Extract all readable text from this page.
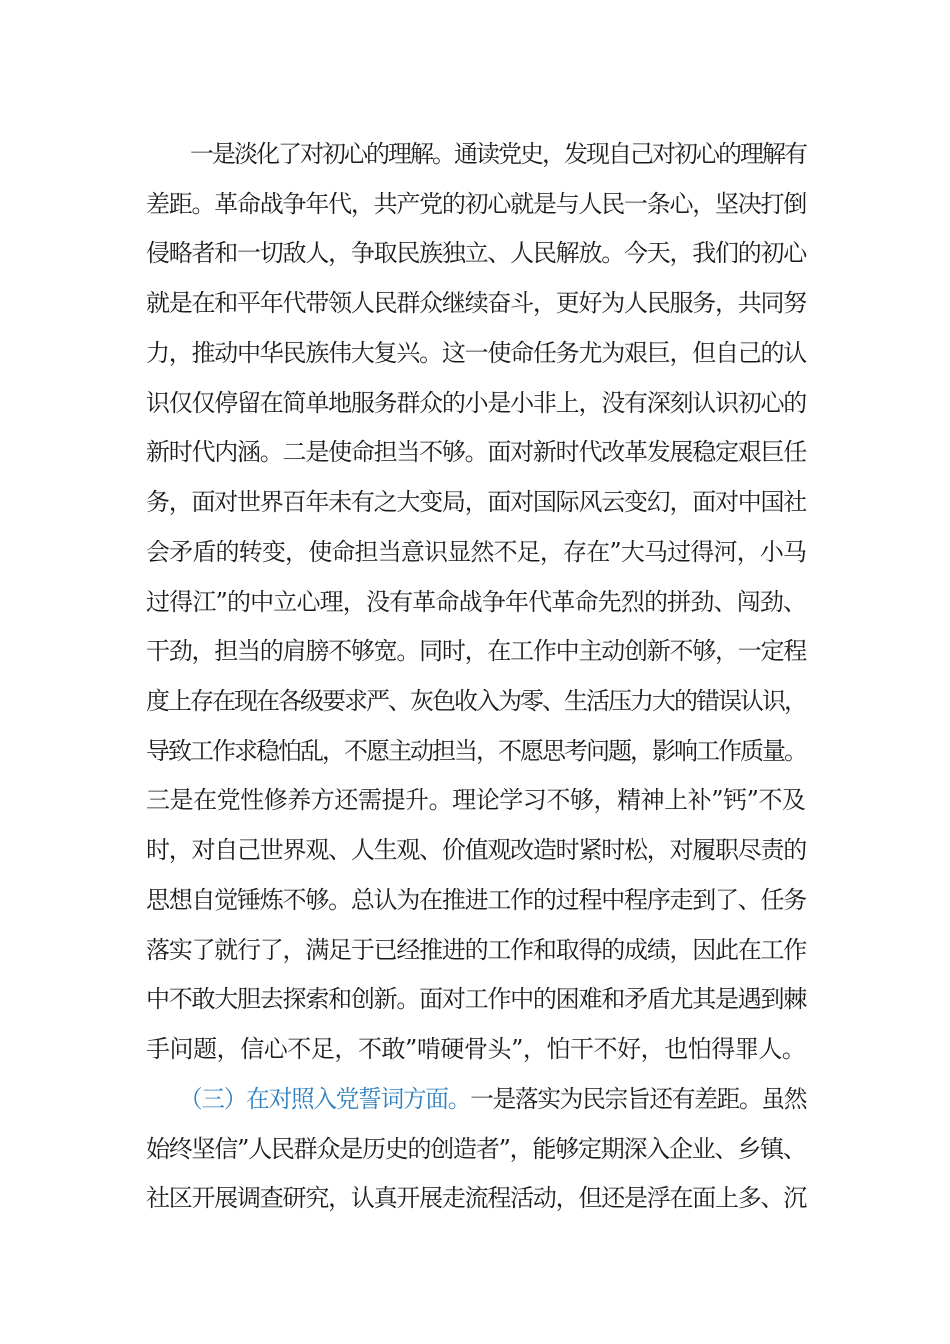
　　一是淡化了对初心的理解。通读党史，发现自己对初心的理解有
差距。革命战争年代，共产党的初心就是与人民一条心，坚决打倒
侵略者和一切敌人，争取民族独立、人民解放。今天，我们的初心
就是在和平年代带领人民群众继续奋斗，更好为人民服务，共同努
力，推动中华民族伟大复兴。这一使命任务尤为艰巨，但自己的认
识仅仅停留在简单地服务群众的小是小非上，没有深刻认识初心的
新时代内涵。二是使命担当不够。面对新时代改革发展稳定艰巨任
务，面对世界百年未有之大变局，面对国际风云变幻，面对中国社
会矛盾的转变，使命担当意识显然不足，存在”大马过得河，小马
过得江”的中立心理，没有革命战争年代革命先烈的拼劲、闯劲、
干劲，担当的肩膀不够宽。同时，在工作中主动创新不够，一定程
度上存在现在各级要求严、灰色收入为零、生活压力大的错误认识，
导致工作求稳怕乱，不愿主动担当，不愿思考问题，影响工作质量。
三是在党性修养方还需提升。理论学习不够，精神上补”钙”不及
时，对自己世界观、人生观、价值观改造时紧时松，对履职尽责的
思想自觉锤炼不够。总认为在推进工作的过程中程序走到了、任务
落实了就行了，满足于已经推进的工作和取得的成绩，因此在工作
中不敢大胆去探索和创新。面对工作中的困难和矛盾尤其是遇到棘
手问题，信心不足，不敢”啃硬骨头”，怕干不好，也怕得罪人。
　　（三）在对照入党誓词方面。一是落实为民宗旨还有差距。虽然
始终坚信”人民群众是历史的创造者”，能够定期深入企业、乡镇、
社区开展调查研究，认真开展走流程活动，但还是浮在面上多、沉
